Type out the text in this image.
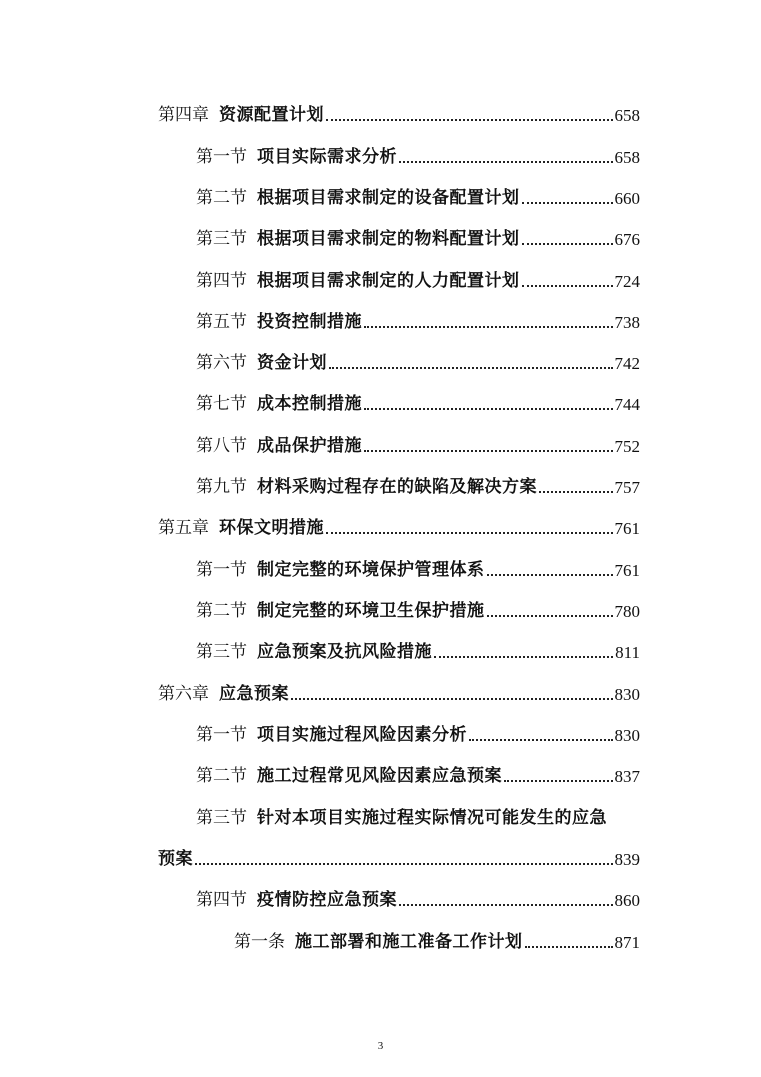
第四章 资源配置计划	658
第一节 项目实际需求分析	658
第二节 根据项目需求制定的设备配置计划	660
第三节 根据项目需求制定的物料配置计划	676
第四节 根据项目需求制定的人力配置计划	724
第五节 投资控制措施	738
第六节 资金计划	742
第七节 成本控制措施	744
第八节 成品保护措施	752
第九节 材料采购过程存在的缺陷及解决方案	757
第五章 环保文明措施	761
第一节 制定完整的环境保护管理体系	761
第二节 制定完整的环境卫生保护措施	780
第三节 应急预案及抗风险措施	811
第六章 应急预案	830
第一节 项目实施过程风险因素分析	830
第二节 施工过程常见风险因素应急预案	837
第三节 针对本项目实施过程实际情况可能发生的应急
预案	839
第四节 疫情防控应急预案	860
第一条 施工部署和施工准备工作计划	871
3
